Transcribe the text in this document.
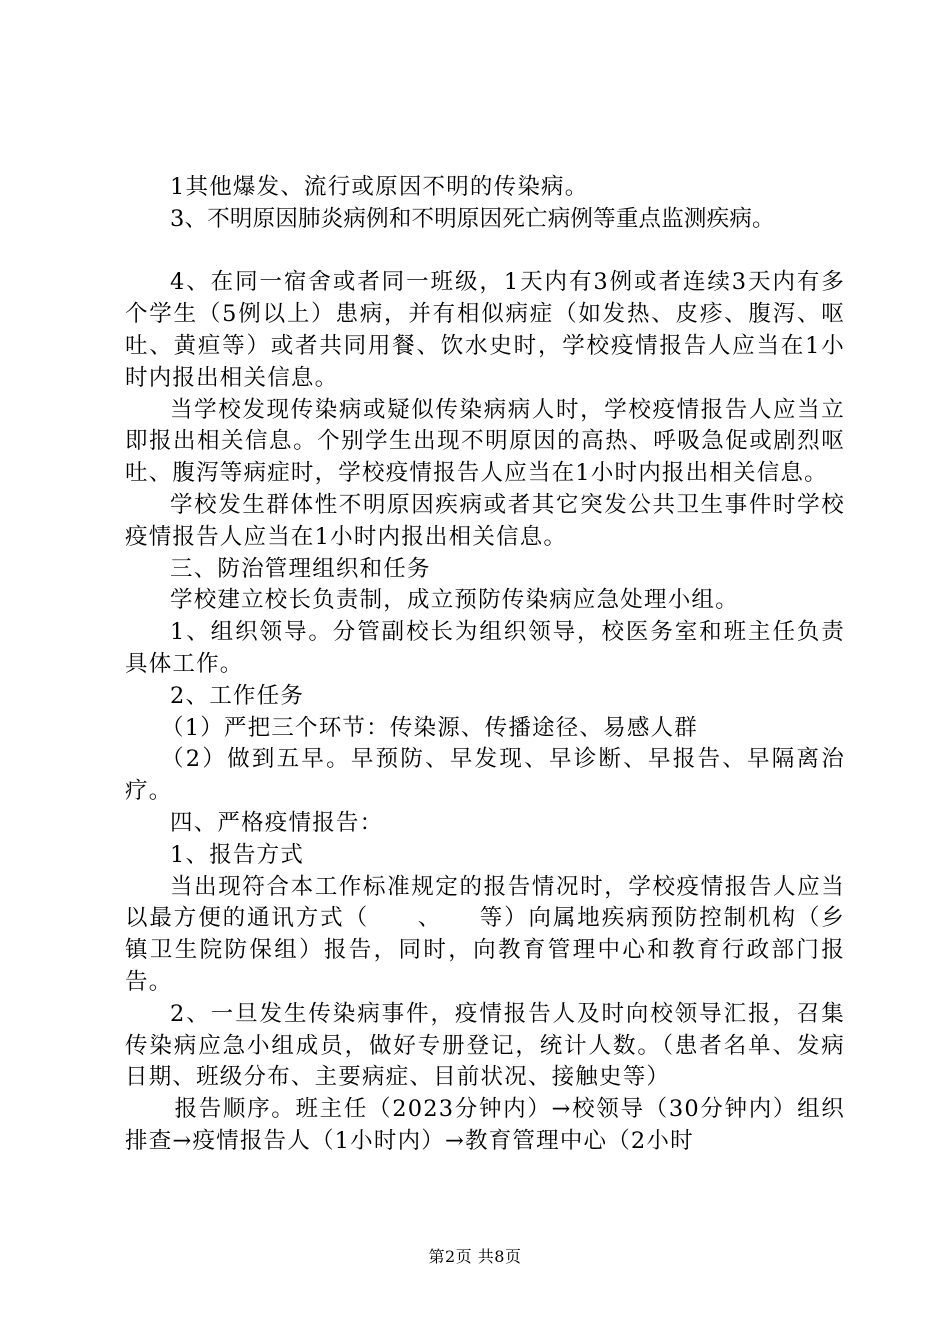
1其他爆发、流行或原因不明的传染病。

3、不明原因肺炎病例和不明原因死亡病例等重点监测疾病。

4、在同一宿舍或者同一班级，1天内有3例或者连续3天内有多个学生（5例以上）患病，并有相似病症（如发热、皮疹、腹泻、呕吐、黄疸等）或者共同用餐、饮水史时，学校疫情报告人应当在1小时内报出相关信息。

当学校发现传染病或疑似传染病病人时，学校疫情报告人应当立即报出相关信息。个别学生出现不明原因的高热、呼吸急促或剧烈呕吐、腹泻等病症时，学校疫情报告人应当在1小时内报出相关信息。

学校发生群体性不明原因疾病或者其它突发公共卫生事件时学校疫情报告人应当在1小时内报出相关信息。

三、防治管理组织和任务

学校建立校长负责制，成立预防传染病应急处理小组。

1、组织领导。分管副校长为组织领导，校医务室和班主任负责具体工作。

2、工作任务

（1）严把三个环节：传染源、传播途径、易感人群

（2）做到五早。早预防、早发现、早诊断、早报告、早隔离治疗。

四、严格疫情报告：

1、报告方式

当出现符合本工作标准规定的报告情况时，学校疫情报告人应当以最方便的通讯方式（　　、　　等）向属地疾病预防控制机构（乡镇卫生院防保组）报告，同时，向教育管理中心和教育行政部门报告。

2、一旦发生传染病事件，疫情报告人及时向校领导汇报，召集传染病应急小组成员，做好专册登记，统计人数。（患者名单、发病日期、班级分布、主要病症、目前状况、接触史等）

报告顺序。班主任（2023分钟内）→校领导（30分钟内）组织排查→疫情报告人（1小时内）→教育管理中心（2小时

第2页 共8页
